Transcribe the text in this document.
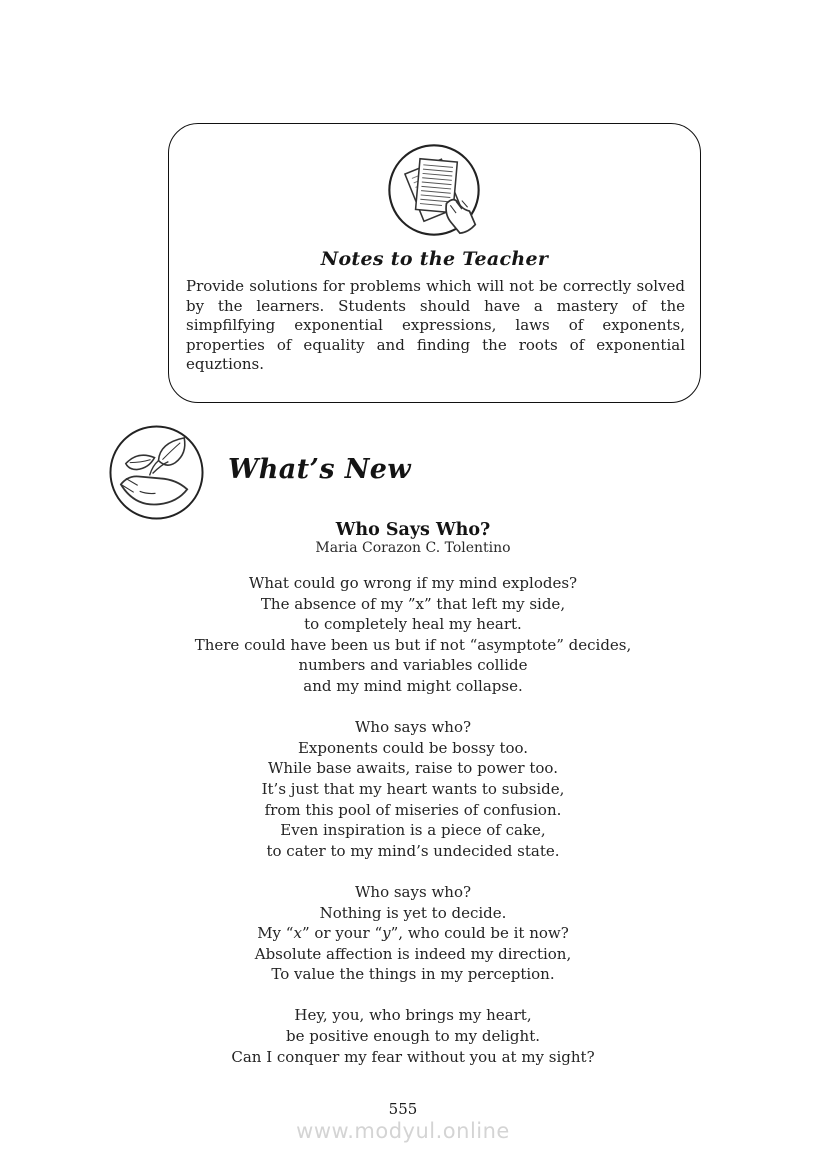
Notes to the Teacher
Provide solutions for problems which will not be correctly solved by the learners. Students should have a mastery of the simpfilfying exponential expressions, laws of exponents, properties of equality and finding the roots of exponential equztions.
What’s New
Who Says Who?
Maria Corazon C. Tolentino
What could go wrong if my mind explodes?
The absence of my ”x” that left my side,
to completely heal my heart.
There could have been us but if not “asymptote” decides,
numbers and variables collide
and my mind might collapse.
Who says who?
Exponents could be bossy too.
While base awaits, raise to power too.
It’s just that my heart wants to subside,
from this pool of miseries of confusion.
Even inspiration is a piece of cake,
to cater to my mind’s undecided state.
Who says who?
Nothing is yet to decide.
My “x” or your “y”, who could be it now?
Absolute affection is indeed my direction,
To value the things in my perception.
Hey, you, who brings my heart,
be positive enough to my delight.
Can I conquer my fear without you at my sight?
555
www.modyul.online
